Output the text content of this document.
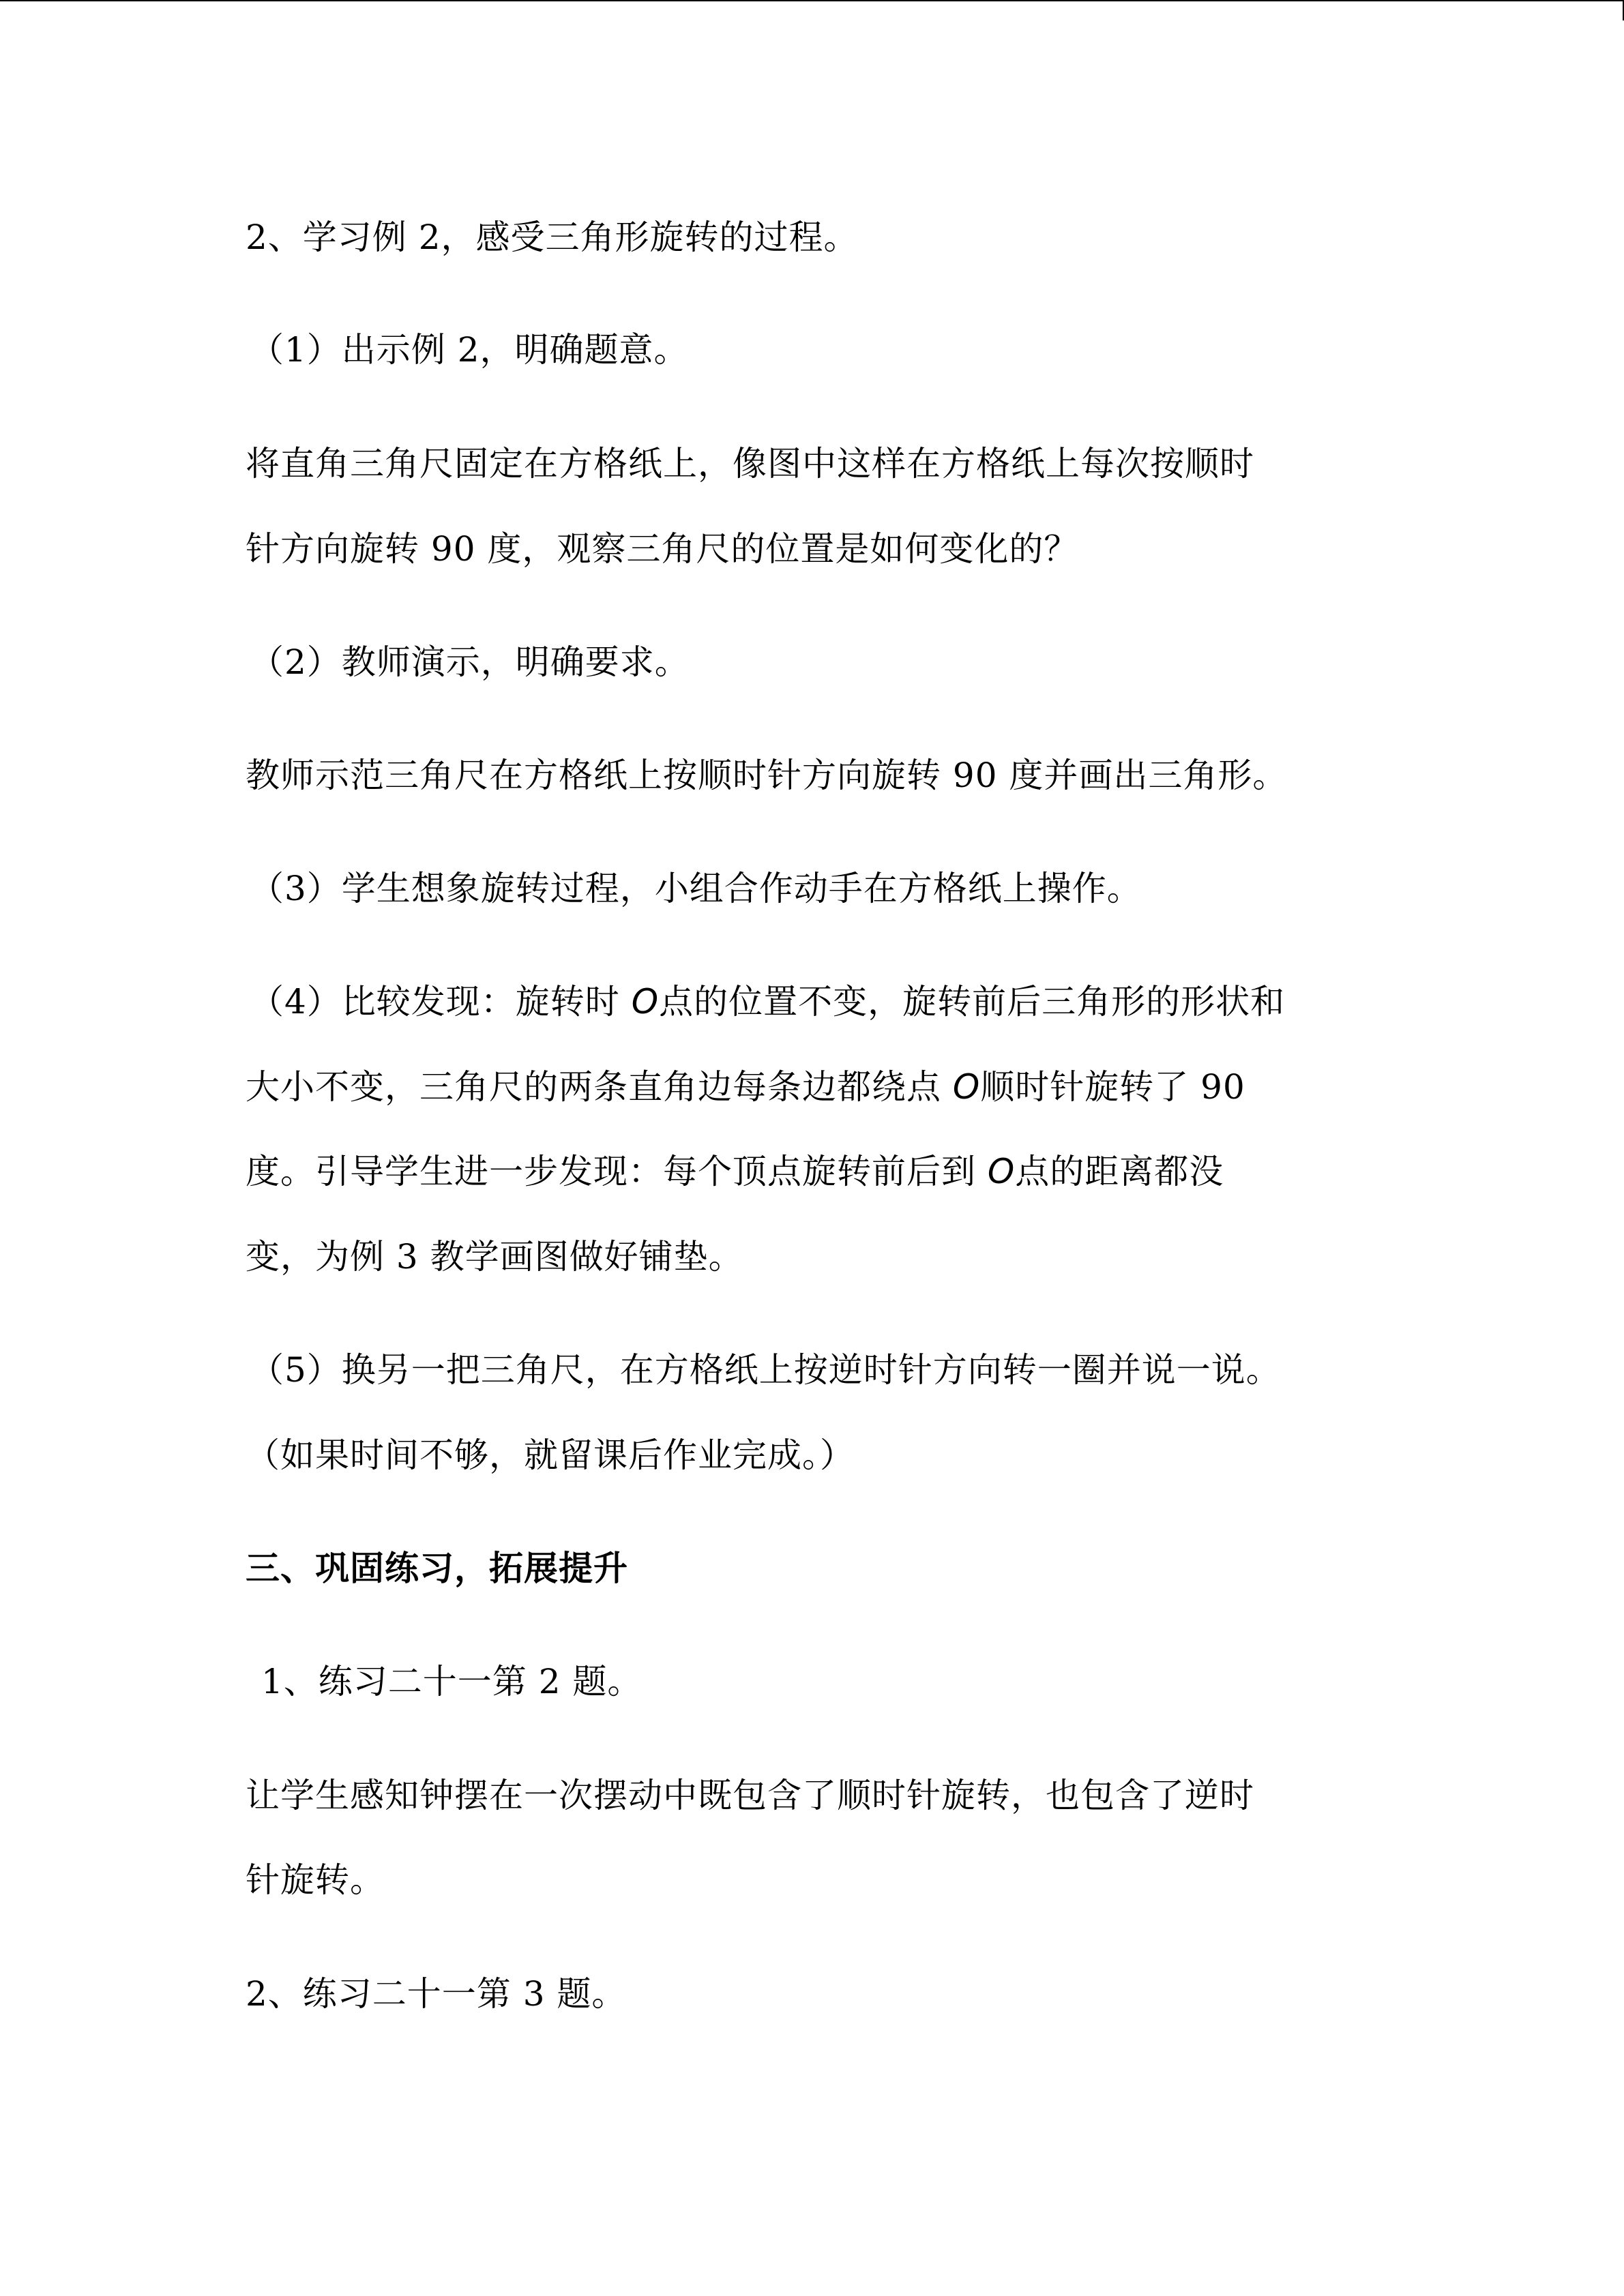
2、学习例 2，感受三角形旋转的过程。
（1）出示例 2，明确题意。
将直角三角尺固定在方格纸上，像图中这样在方格纸上每次按顺时
针方向旋转 90 度，观察三角尺的位置是如何变化的？
（2）教师演示，明确要求。
教师示范三角尺在方格纸上按顺时针方向旋转 90 度并画出三角形。
（3）学生想象旋转过程，小组合作动手在方格纸上操作。
（4）比较发现：旋转时 O点的位置不变，旋转前后三角形的形状和
大小不变，三角尺的两条直角边每条边都绕点 O顺时针旋转了 90
度。引导学生进一步发现：每个顶点旋转前后到 O点的距离都没
变，为例 3 教学画图做好铺垫。
（5）换另一把三角尺，在方格纸上按逆时针方向转一圈并说一说。
（如果时间不够，就留课后作业完成。）
三、巩固练习，拓展提升
1、练习二十一第 2 题。
让学生感知钟摆在一次摆动中既包含了顺时针旋转，也包含了逆时
针旋转。
2、练习二十一第 3 题。
